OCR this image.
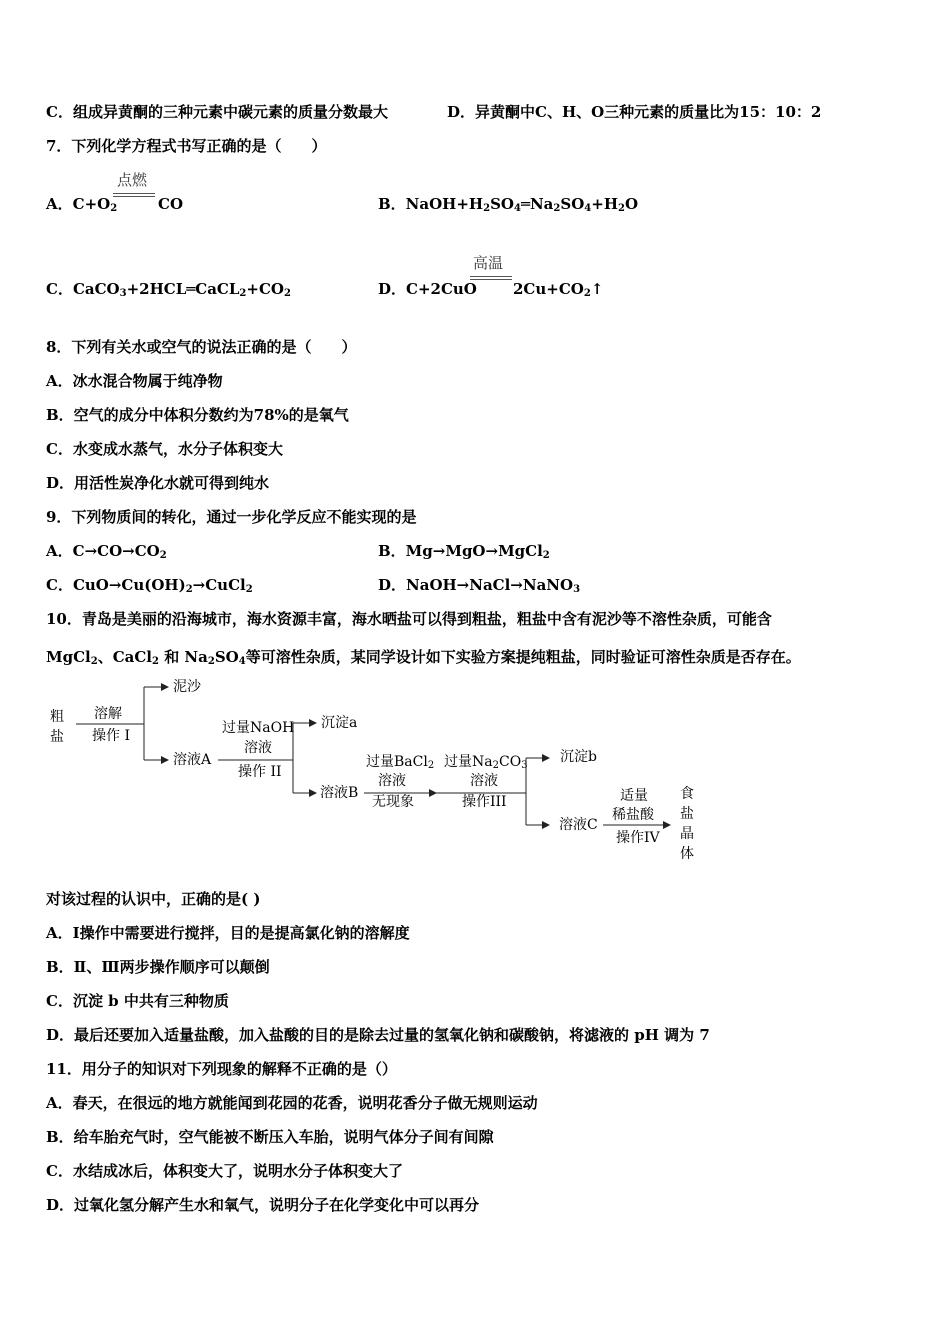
C．组成异黄酮的三种元素中碳元素的质量分数最大	D．异黄酮中C、H、O三种元素的质量比为15：10：2
7．下列化学方程式书写正确的是（　　）
A．$C+O_2$
点燃
CO	B．$NaOH+H_2SO_4═Na_2SO_4+H_2O$
C．$CaCO_3+2HCL═CaCL_2+CO_2$	D．C+2CuO
高温
$2Cu+CO_2↑$
8．下列有关水或空气的说法正确的是（　　）
A．冰水混合物属于纯净物
B．空气的成分中体积分数约为78%的是氧气
C．水变成水蒸气，水分子体积变大
D．用活性炭净化水就可得到纯水
9．下列物质间的转化，通过一步化学反应不能实现的是
A．$C\to CO\to CO_2$	B．Mg→MgO→MgCl$_2$
C．$CuO\to Cu(OH)_2\to CuCl_2$	D．NaOH→NaCl→NaNO$_3$
10．青岛是美丽的沿海城市，海水资源丰富，海水晒盐可以得到粗盐，粗盐中含有泥沙等不溶性杂质，可能含
MgCl$_2$、CaCl$_2$ 和 $Na_2SO_4$等可溶性杂质，某同学设计如下实验方案提纯粗盐，同时验证可溶性杂质是否存在。
粗
盐
溶解
操作 I
泥沙
溶液A
过量NaOH
溶液
操作 II
沉淀a
溶液B
过量BaCl$_2$
溶液
无现象
过量$Na_2CO_3$
溶液
操作III
沉淀b
溶液C
适量
稀盐酸
操作IV
食
盐
晶
体
对该过程的认识中，正确的是( )
A．Ⅰ操作中需要进行搅拌，目的是提高氯化钠的溶解度
B．Ⅱ、Ⅲ两步操作顺序可以颠倒
C．沉淀 b 中共有三种物质
D．最后还要加入适量盐酸，加入盐酸的目的是除去过量的氢氧化钠和碳酸钠，将滤液的 pH 调为 7
11．用分子的知识对下列现象的解释不正确的是（）
A．春天，在很远的地方就能闻到花园的花香，说明花香分子做无规则运动
B．给车胎充气时，空气能被不断压入车胎，说明气体分子间有间隙
C．水结成冰后，体积变大了，说明水分子体积变大了
D．过氧化氢分解产生水和氧气，说明分子在化学变化中可以再分
